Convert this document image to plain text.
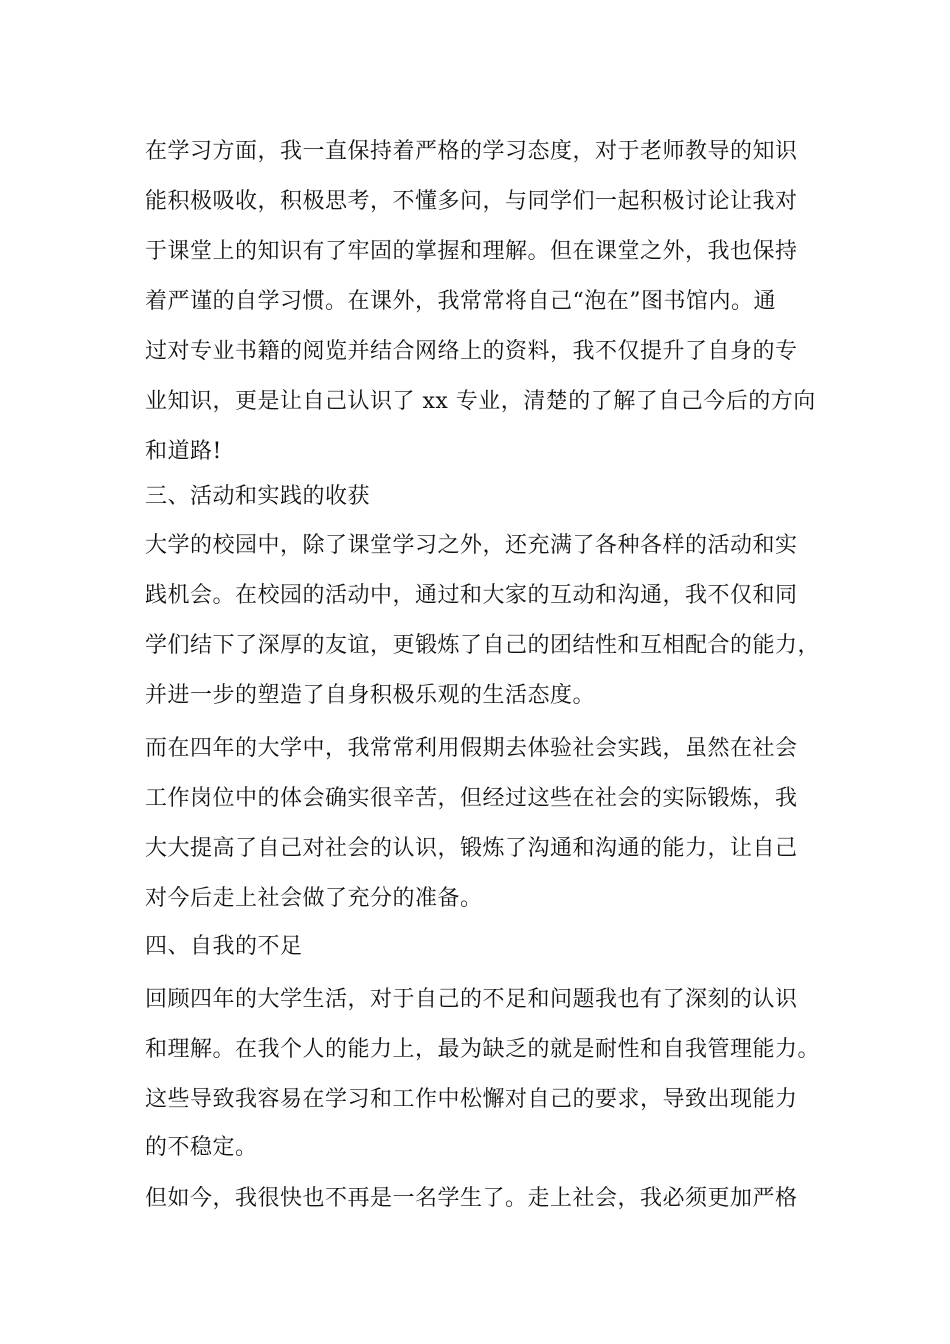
在学习方面，我一直保持着严格的学习态度，对于老师教导的知识
能积极吸收，积极思考，不懂多问，与同学们一起积极讨论让我对
于课堂上的知识有了牢固的掌握和理解。但在课堂之外，我也保持
着严谨的自学习惯。在课外，我常常将自己“泡在”图书馆内。通
过对专业书籍的阅览并结合网络上的资料，我不仅提升了自身的专
业知识，更是让自己认识了 xx 专业，清楚的了解了自己今后的方向
和道路!
三、活动和实践的收获
大学的校园中，除了课堂学习之外，还充满了各种各样的活动和实
践机会。在校园的活动中，通过和大家的互动和沟通，我不仅和同
学们结下了深厚的友谊，更锻炼了自己的团结性和互相配合的能力，
并进一步的塑造了自身积极乐观的生活态度。
而在四年的大学中，我常常利用假期去体验社会实践，虽然在社会
工作岗位中的体会确实很辛苦，但经过这些在社会的实际锻炼，我
大大提高了自己对社会的认识，锻炼了沟通和沟通的能力，让自己
对今后走上社会做了充分的准备。
四、自我的不足
回顾四年的大学生活，对于自己的不足和问题我也有了深刻的认识
和理解。在我个人的能力上，最为缺乏的就是耐性和自我管理能力。
这些导致我容易在学习和工作中松懈对自己的要求，导致出现能力
的不稳定。
但如今，我很快也不再是一名学生了。走上社会，我必须更加严格
